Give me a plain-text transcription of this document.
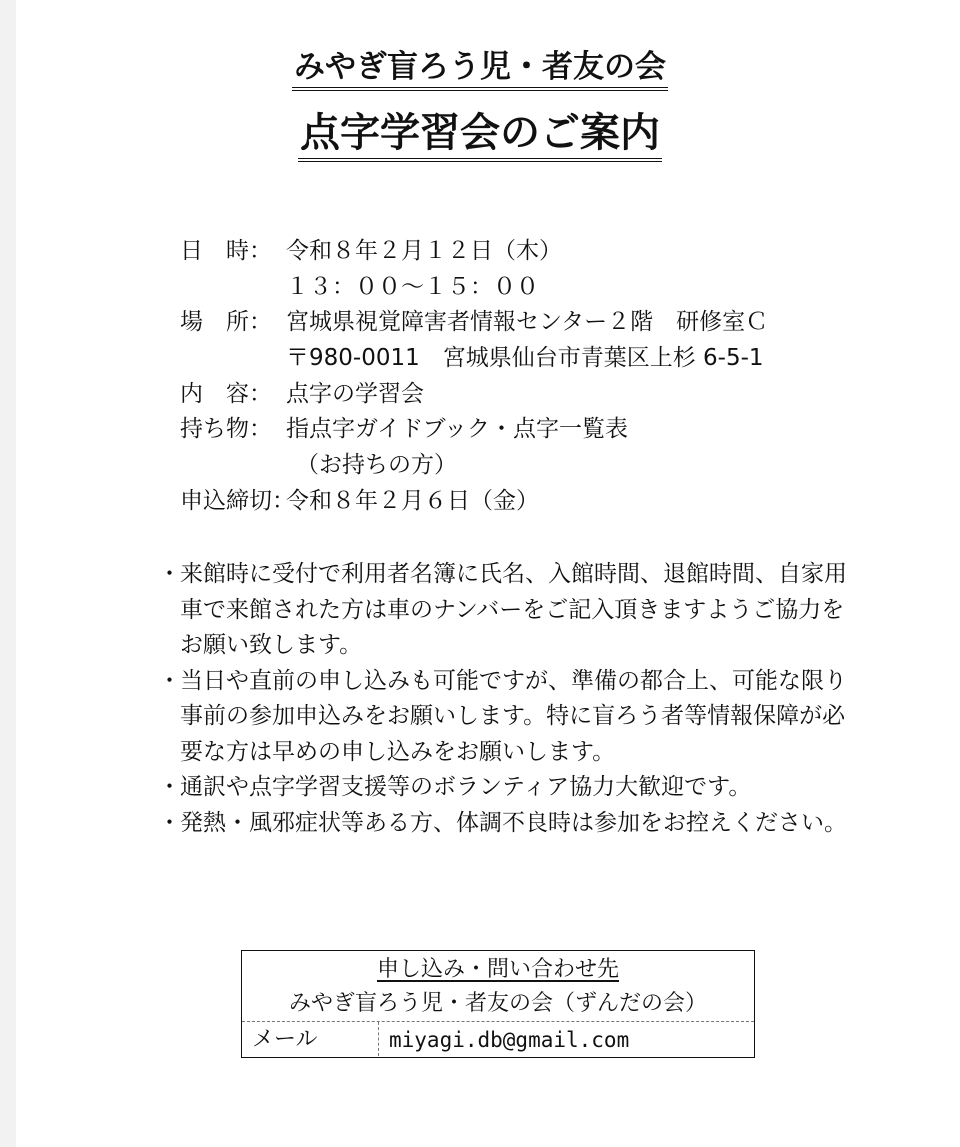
みやぎ盲ろう児・者友の会
点字学習会のご案内
日　時： 令和８年２月１２日（木）
１３：００～１５：００
場　所： 宮城県視覚障害者情報センター２階　研修室Ｃ
〒980-0011　宮城県仙台市青葉区上杉 6-5-1
内　容： 点字の学習会
持ち物： 指点字ガイドブック・点字一覧表
（お持ちの方）
申込締切：
令和８年２月６日（金）
・ 来館時に受付で利用者名簿に氏名、入館時間、退館時間、自家用車で来館された方は車のナンバーをご記入頂きますようご協力をお願い致します。
・ 当日や直前の申し込みも可能ですが、準備の都合上、可能な限り事前の参加申込みをお願いします。特に盲ろう者等情報保障が必要な方は早めの申し込みをお願いします。
・ 通訳や点字学習支援等のボランティア協力大歓迎です。
・ 発熱・風邪症状等ある方、体調不良時は参加をお控えください。
申し込み・問い合わせ先
みやぎ盲ろう児・者友の会（ずんだの会）
メール	miyagi.db@gmail.com
